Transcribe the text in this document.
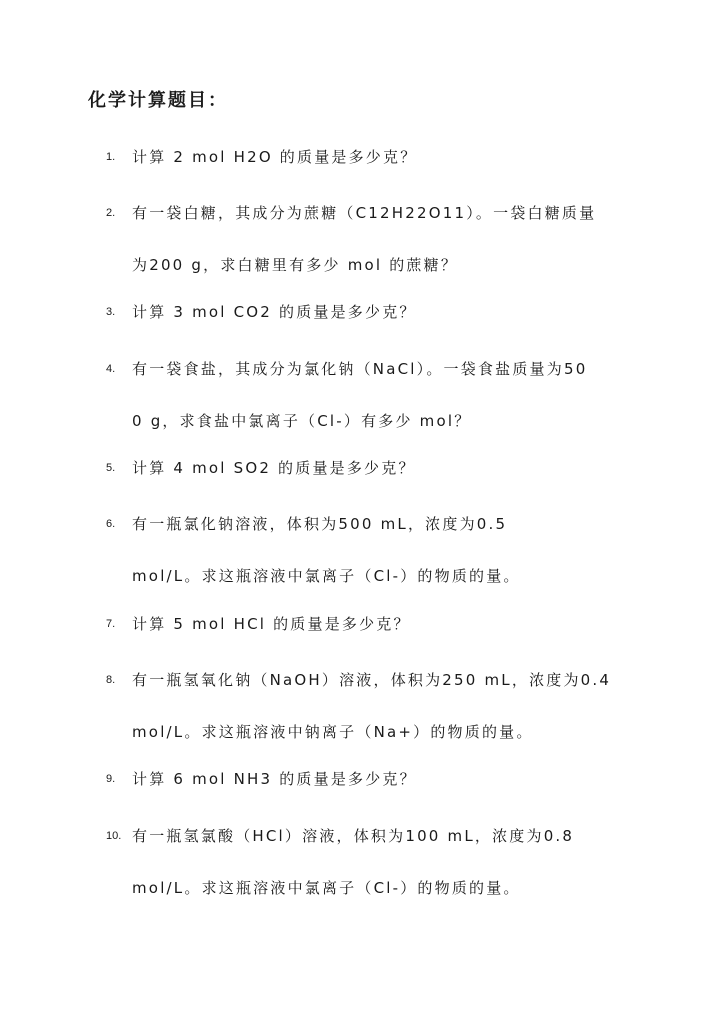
化学计算题目：
1.	计算 2 mol H2O 的质量是多少克？
2.	有一袋白糖，其成分为蔗糖（C12H22O11）。一袋白糖质量
为200 g，求白糖里有多少 mol 的蔗糖？
3.	计算 3 mol CO2 的质量是多少克？
4.	有一袋食盐，其成分为氯化钠（NaCl）。一袋食盐质量为50
0 g，求食盐中氯离子（Cl-）有多少 mol？
5.	计算 4 mol SO2 的质量是多少克？
6.	有一瓶氯化钠溶液，体积为500 mL，浓度为0.5
mol/L。求这瓶溶液中氯离子（Cl-）的物质的量。
7.	计算 5 mol HCl 的质量是多少克？
8.	有一瓶氢氧化钠（NaOH）溶液，体积为250 mL，浓度为0.4
mol/L。求这瓶溶液中钠离子（Na+）的物质的量。
9.	计算 6 mol NH3 的质量是多少克？
10. 有一瓶氢氯酸（HCl）溶液，体积为100 mL，浓度为0.8
mol/L。求这瓶溶液中氯离子（Cl-）的物质的量。
